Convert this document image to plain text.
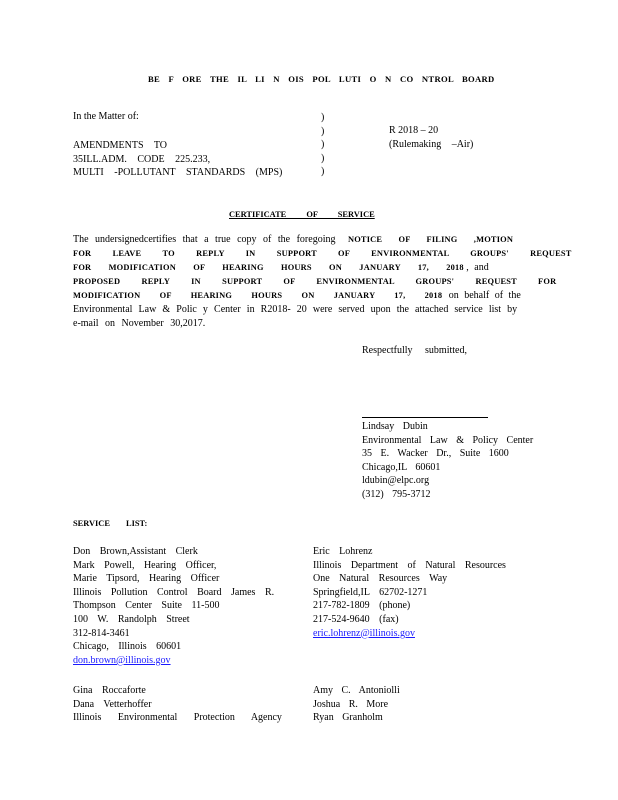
BE F ORE THE IL LI N OIS POL LUTI O N CO NTROL BOARD
In the Matter of:	)
)
)
)
)
AMENDMENTS TO
35ILL.ADM. CODE 225.233,
MULTI -POLLUTANT STANDARDS (MPS)
R 2018 – 20
(Rulemaking –Air)
CERTIFICATE OF SERVICE
The undersignedcertifies that a true copy of the foregoing NOTICE OF FILING ,MOTION
FOR LEAVE TO REPLY IN SUPPORT OF ENVIRONMENTAL GROUPS' REQUEST
FOR MODIFICATION OF HEARING HOURS ON JANUARY 17, 2018 , and
PROPOSED REPLY IN SUPPORT OF ENVIRONMENTAL GROUPS' REQUEST FOR
MODIFICATION OF HEARING HOURS ON JANUARY 17, 2018 on behalf of the
Environmental Law & Polic y Center in R2018- 20 were served upon the attached service list by
e-mail on November 30,2017.
Respectfully submitted,
Lindsay Dubin
Environmental Law & Policy Center
35 E. Wacker Dr., Suite 1600
Chicago,IL 60601
ldubin@elpc.org
(312) 795-3712
SERVICE LIST:
Don Brown,Assistant Clerk
Mark Powell, Hearing Officer,
Marie Tipsord, Hearing Officer
Illinois Pollution Control Board James R.
Thompson Center Suite 11-500
100 W. Randolph Street
312-814-3461
Chicago, Illinois 60601
don.brown@illinois.gov
Eric Lohrenz
Illinois Department of Natural Resources
One Natural Resources Way
Springfield,IL 62702-1271
217-782-1809 (phone)
217-524-9640 (fax)
eric.lohrenz@illinois.gov
Gina Roccaforte
Dana Vetterhoffer
Illinois Environmental Protection Agency
Amy C. Antoniolli
Joshua R. More
Ryan Granholm
